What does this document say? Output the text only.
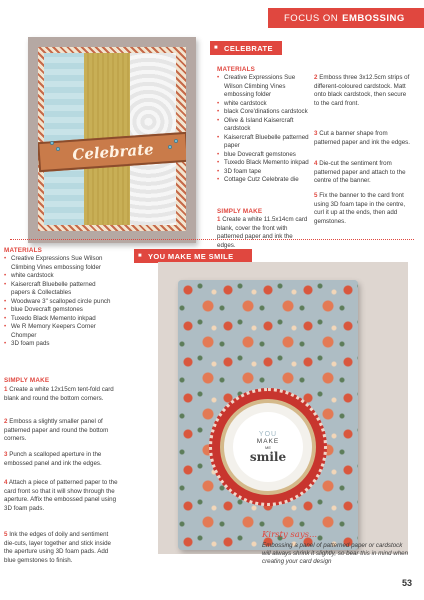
FOCUS ON EMBOSSING
Celebrate
■ CELEBRATE
MATERIALS
• Creative Expressions Sue Wilson Climbing Vines embossing folder
• white cardstock
• black Core'dinations cardstock
• Olive & Island Kaisercraft cardstock
• Kaisercraft Bluebelle patterned paper
• blue Dovecraft gemstones
• Tuxedo Black Memento inkpad
• 3D foam tape
• Cottage Cutz Celebrate die
SIMPLY MAKE
1 Create a white 11.5x14cm card blank, cover the front with patterned paper and ink the edges.
2 Emboss three 3x12.5cm strips of different-coloured cardstock. Matt onto black cardstock, then secure to the card front.
3 Cut a banner shape from patterned paper and ink the edges.
4 Die-cut the sentiment from patterned paper and attach to the centre of the banner.
5 Fix the banner to the card front using 3D foam tape in the centre, curl it up at the ends, then add gemstones.
MATERIALS
• Creative Expressions Sue Wilson Climbing Vines embossing folder
• white cardstock
• Kaisercraft Bluebelle patterned papers & Collectables
• Woodware 3" scalloped circle punch
• blue Dovecraft gemstones
• Tuxedo Black Memento inkpad
• We R Memory Keepers Corner Chomper
• 3D foam pads
SIMPLY MAKE
1 Create a white 12x15cm tent-fold card blank and round the bottom corners.
2 Emboss a slightly smaller panel of patterned paper and round the bottom corners.
3 Punch a scalloped aperture in the embossed panel and ink the edges.
4 Attach a piece of patterned paper to the card front so that it will show through the aperture. Affix the embossed panel using 3D foam pads.
5 Ink the edges of doily and sentiment die-cuts, layer together and stick inside the aperture using 3D foam pads. Add blue gemstones to finish.
■ YOU MAKE ME SMILE
YOU
MAKE
ME
smile
Kirsty says...
Embossing a panel of patterned paper or cardstock will always shrink it slightly, so bear this in mind when creating your card design
53
